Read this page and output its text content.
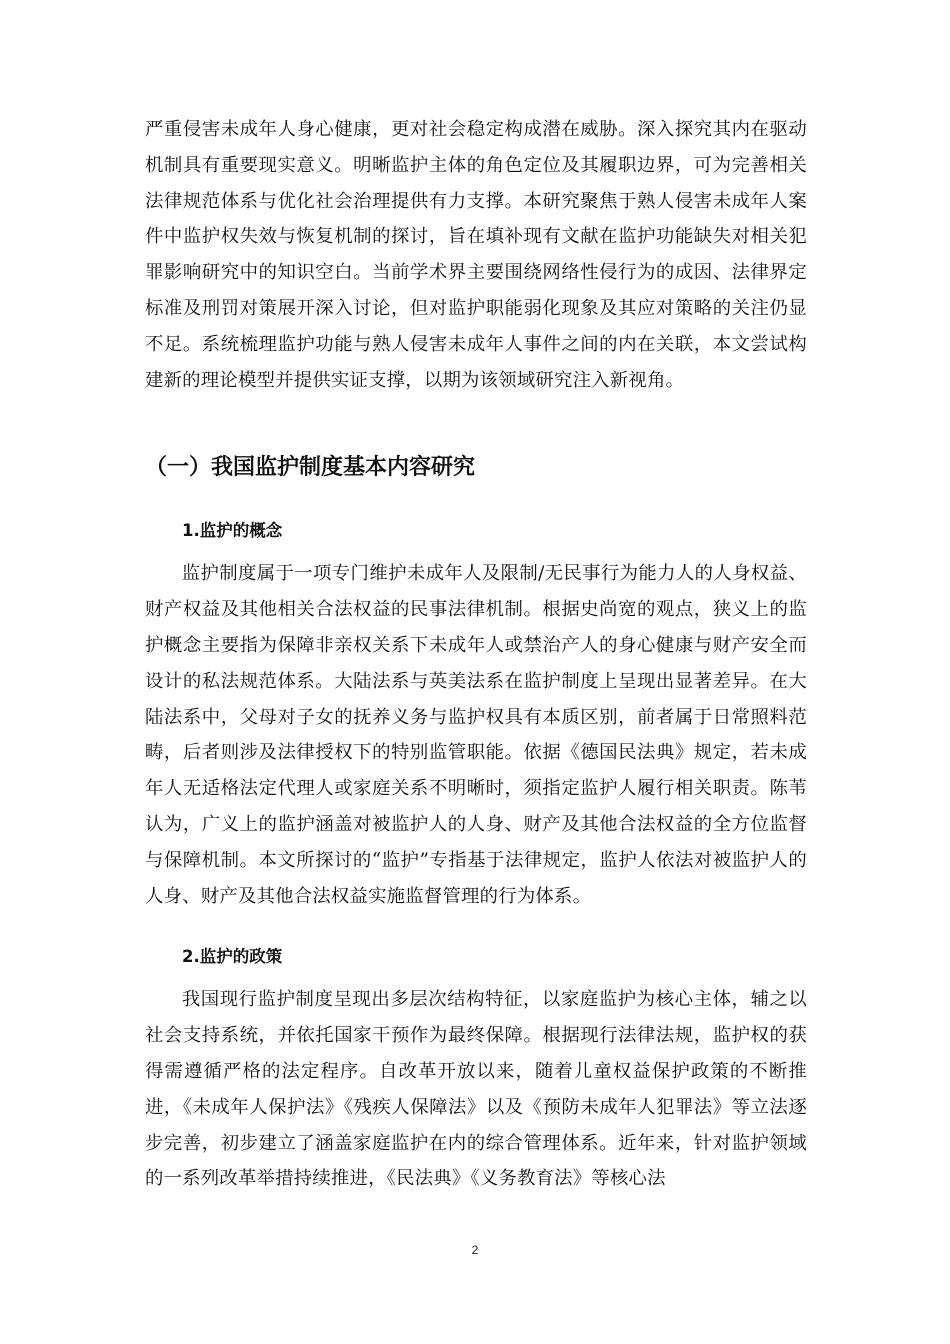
严重侵害未成年人身心健康，更对社会稳定构成潜在威胁。深入探究其内在驱动机制具有重要现实意义。明晰监护主体的角色定位及其履职边界，可为完善相关法律规范体系与优化社会治理提供有力支撑。本研究聚焦于熟人侵害未成年人案件中监护权失效与恢复机制的探讨，旨在填补现有文献在监护功能缺失对相关犯罪影响研究中的知识空白。当前学术界主要围绕网络性侵行为的成因、法律界定标准及刑罚对策展开深入讨论，但对监护职能弱化现象及其应对策略的关注仍显不足。系统梳理监护功能与熟人侵害未成年人事件之间的内在关联，本文尝试构建新的理论模型并提供实证支撑，以期为该领域研究注入新视角。

（一）我国监护制度基本内容研究
1.监护的概念

监护制度属于一项专门维护未成年人及限制/无民事行为能力人的人身权益、财产权益及其他相关合法权益的民事法律机制。根据史尚宽的观点，狭义上的监护概念主要指为保障非亲权关系下未成年人或禁治产人的身心健康与财产安全而设计的私法规范体系。大陆法系与英美法系在监护制度上呈现出显著差异。在大陆法系中，父母对子女的抚养义务与监护权具有本质区别，前者属于日常照料范畴，后者则涉及法律授权下的特别监管职能。依据《德国民法典》规定，若未成年人无适格法定代理人或家庭关系不明晰时，须指定监护人履行相关职责。陈苇认为，广义上的监护涵盖对被监护人的人身、财产及其他合法权益的全方位监督与保障机制。本文所探讨的“监护”专指基于法律规定，监护人依法对被监护人的人身、财产及其他合法权益实施监督管理的行为体系。

2.监护的政策

我国现行监护制度呈现出多层次结构特征，以家庭监护为核心主体，辅之以社会支持系统，并依托国家干预作为最终保障。根据现行法律法规，监护权的获得需遵循严格的法定程序。自改革开放以来，随着儿童权益保护政策的不断推进，《未成年人保护法》《残疾人保障法》以及《预防未成年人犯罪法》等立法逐步完善，初步建立了涵盖家庭监护在内的综合管理体系。近年来，针对监护领域的一系列改革举措持续推进，《民法典》《义务教育法》等核心法

2
